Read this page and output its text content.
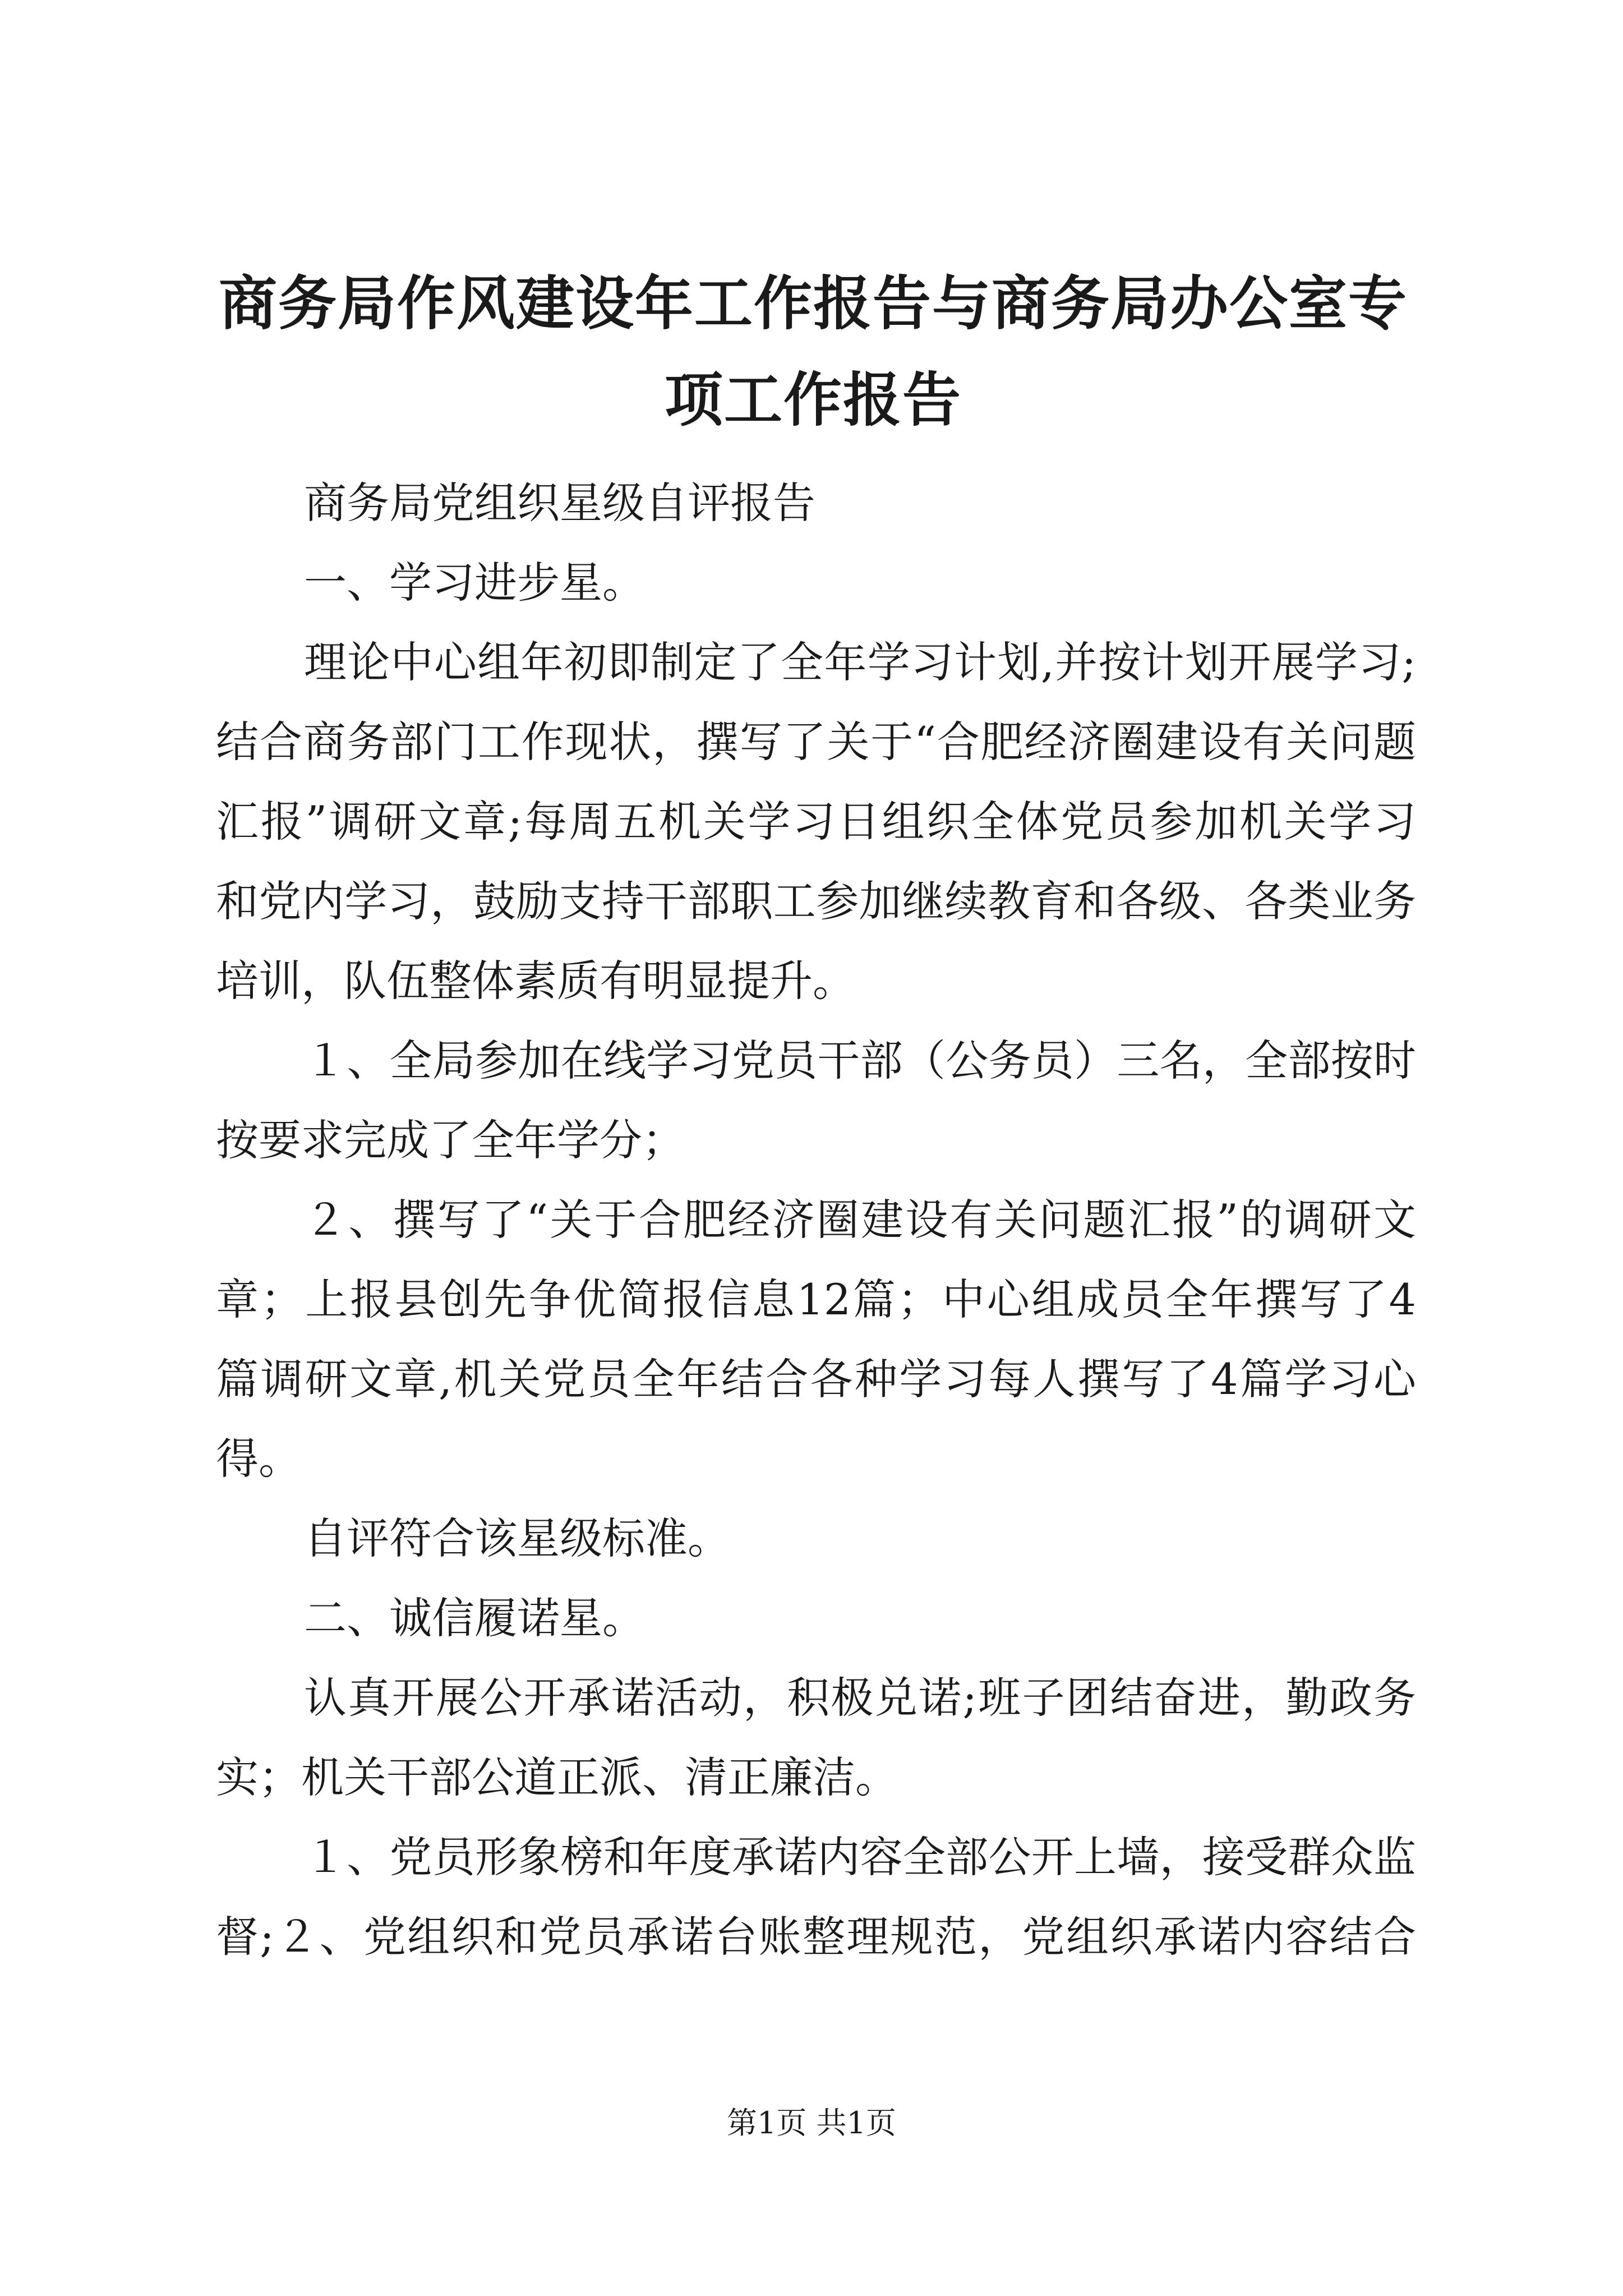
商务局作风建设年工作报告与商务局办公室专
项工作报告

商务局党组织星级自评报告

一、学习进步星。

理论中心组年初即制定了全年学习计划,并按计划开展学习;
结合商务部门工作现状，撰写了关于“合肥经济圈建设有关问题
汇报”调研文章;每周五机关学习日组织全体党员参加机关学习
和党内学习，鼓励支持干部职工参加继续教育和各级、各类业务
培训，队伍整体素质有明显提升。

１、全局参加在线学习党员干部（公务员）三名，全部按时
按要求完成了全年学分；

２、撰写了“关于合肥经济圈建设有关问题汇报”的调研文
章；上报县创先争优简报信息12篇；中心组成员全年撰写了4
篇调研文章,机关党员全年结合各种学习每人撰写了4篇学习心
得。

自评符合该星级标准。

二、诚信履诺星。

认真开展公开承诺活动，积极兑诺;班子团结奋进，勤政务
实；机关干部公道正派、清正廉洁。

１、党员形象榜和年度承诺内容全部公开上墙，接受群众监
督;２、党组织和党员承诺台账整理规范，党组织承诺内容结合

第1页 共1页
